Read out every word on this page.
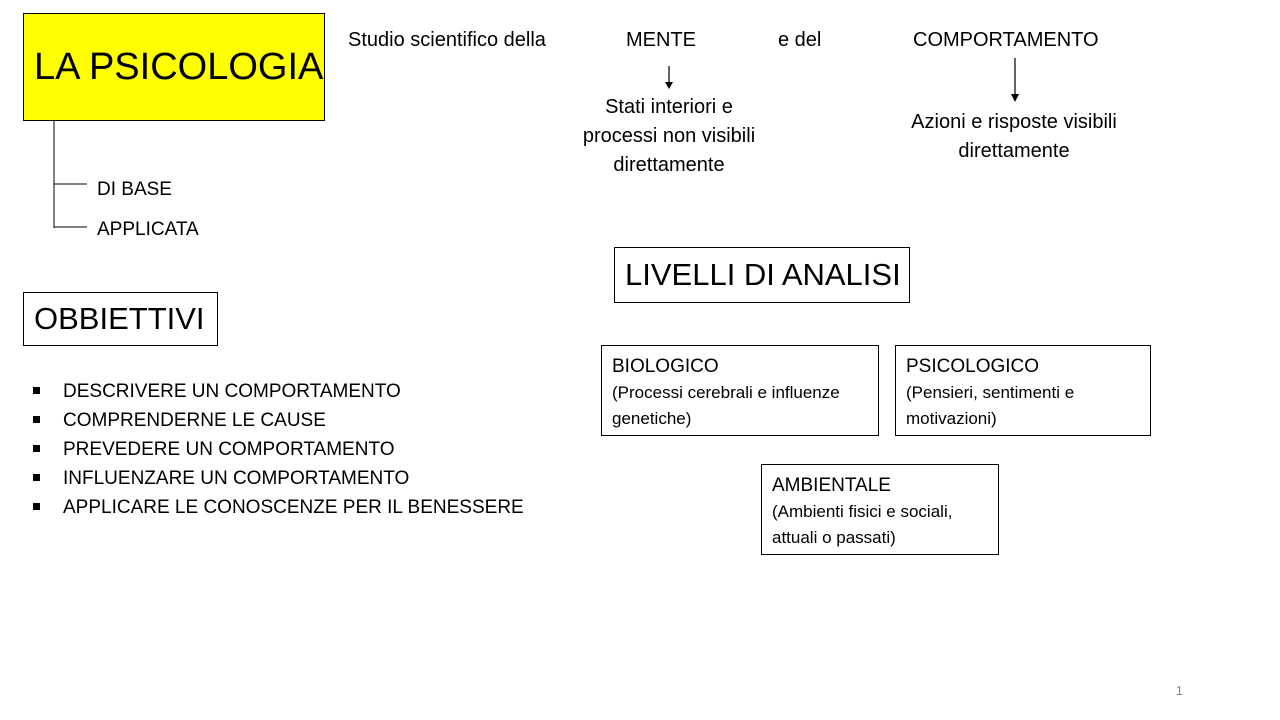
LA PSICOLOGIA
Studio scientifico della	MENTE	e del	COMPORTAMENTO
Stati interiori e processi non visibili direttamente
Azioni e risposte visibili direttamente
DI BASE
APPLICATA
OBBIETTIVI
DESCRIVERE UN COMPORTAMENTO
COMPRENDERNE LE CAUSE
PREVEDERE UN COMPORTAMENTO
INFLUENZARE UN COMPORTAMENTO
APPLICARE LE CONOSCENZE PER IL BENESSERE
LIVELLI DI ANALISI
BIOLOGICO
(Processi cerebrali e influenze genetiche)
PSICOLOGICO
(Pensieri, sentimenti e motivazioni)
AMBIENTALE
(Ambienti fisici e sociali, attuali o passati)
1
